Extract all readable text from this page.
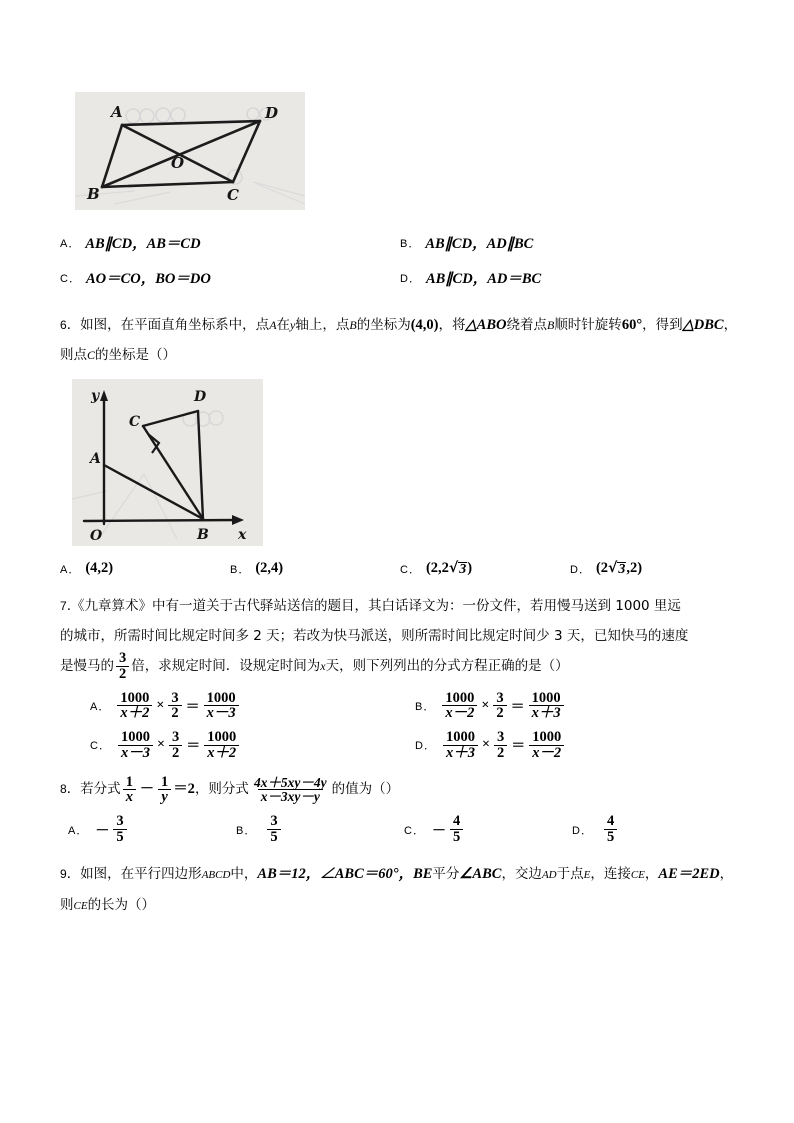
A	D
O
B	C
A． AB∥CD，AB＝CD	B． AB∥CD，AD∥BC
C． AO＝CO，BO＝DO	D． AB∥CD，AD＝BC
6．如图，在平面直角坐标系中，点A在y轴上，点B的坐标为(4,0)，将△ABO绕着点B顺时针旋转60°，得到△DBC，则点C的坐标是（）
y	D
C
A
O	B x
A． (4,2)	B． (2,4)	C． (2,2 √ 3 )	D． (2 √ 3 ,2)
7.《九章算术》中有一道关于古代驿站送信的题目，其白话译文为：一份文件，若用慢马送到 1000 里远
的城市，所需时间比规定时间多 2 天；若改为快马派送，则所需时间比规定时间少 3 天，已知快马的速度
是慢马的 $\frac{3}{2}$ 倍，求规定时间．设规定时间为 x 天，则下列列出的分式方程正确的是（）
A． $\frac{1000}{x+2} \times \frac{3}{2} = \frac{1000}{x-3}$	B． $\frac{1000}{x-2} \times \frac{3}{2} = \frac{1000}{x+3}$
C． $\frac{1000}{x-3} \times \frac{3}{2} = \frac{1000}{x+2}$	D． $\frac{1000}{x+3} \times \frac{3}{2} = \frac{1000}{x-2}$
8 ．若分式 $\frac{1}{x} - \frac{1}{y} =2$ ，则分式 $\frac{4x+5xy-4y}{x-3xy-y}$ 的值为（）
A． － $\frac{3}{5}$	B． $\frac{3}{5}$	C． － $\frac{4}{5}$	D． $\frac{4}{5}$
9．如图，在平行四边形ABCD中，AB＝12，∠ABC＝60°，BE平分∠ABC，交边AD于点E，连接CE，AE＝2ED，则CE的长为（）
